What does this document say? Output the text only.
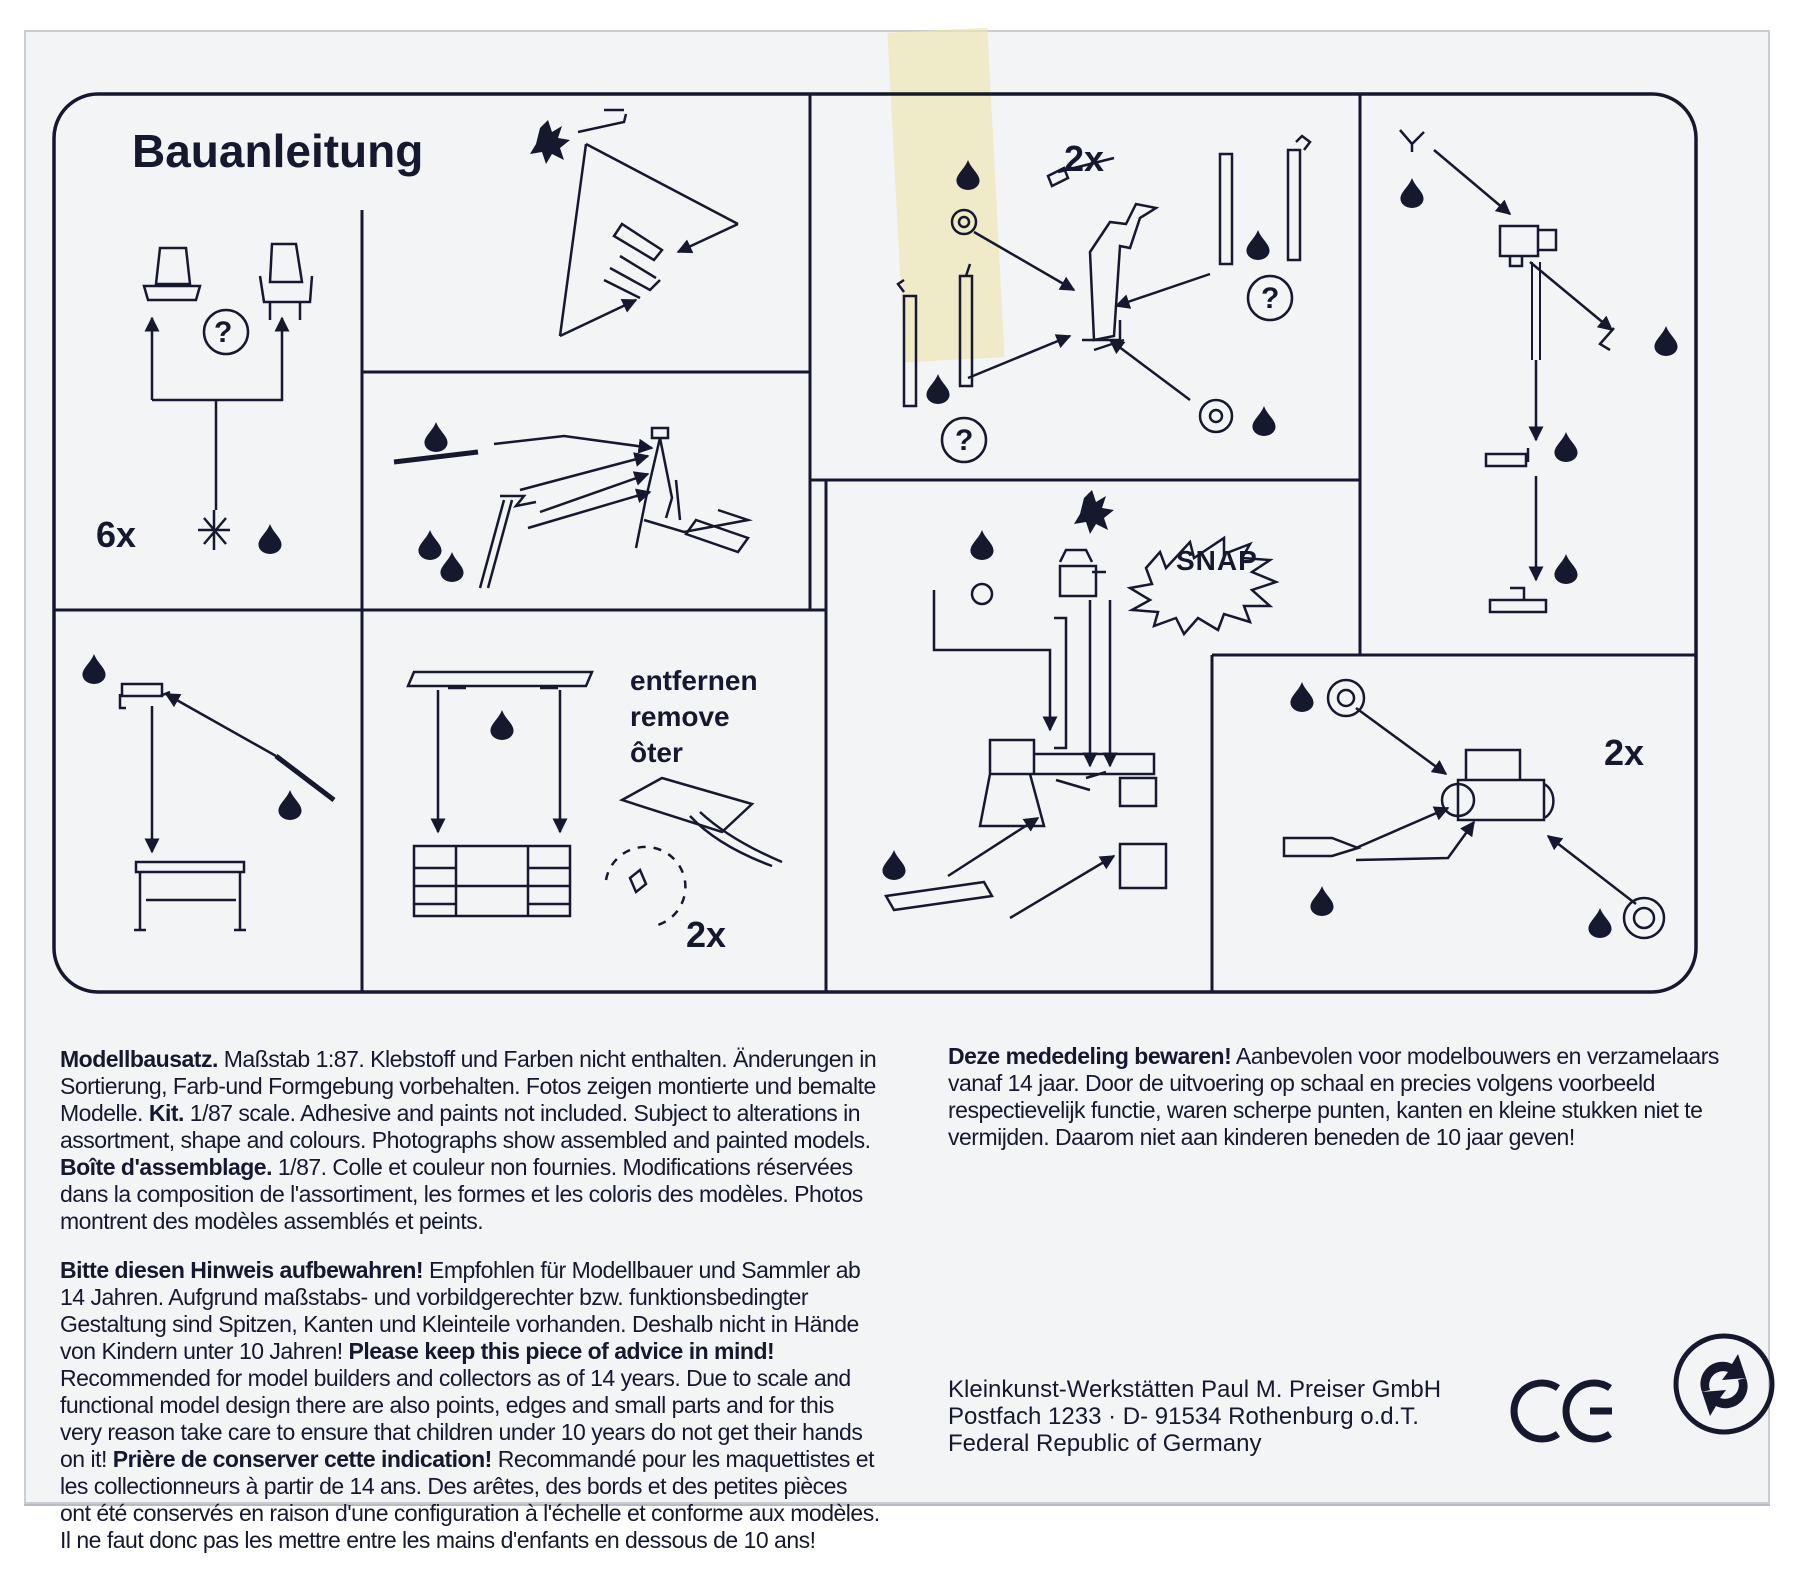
Bauanleitung
6x
2x
2x
2x
?
?
?
entfernen
remove
ôter
SNAP

Modellbausatz. Maßstab 1:87. Klebstoff und Farben nicht enthalten. Änderungen in Sortierung, Farb-und Formgebung vorbehalten. Fotos zeigen montierte und bemalte Modelle. Kit. 1/87 scale. Adhesive and paints not included. Subject to alterations in assortment, shape and colours. Photographs show assembled and painted models. Boîte d'assemblage. 1/87. Colle et couleur non fournies. Modifications réservées dans la composition de l'assortiment, les formes et les coloris des modèles. Photos montrent des modèles assemblés et peints.

Bitte diesen Hinweis aufbewahren! Empfohlen für Modellbauer und Sammler ab 14 Jahren. Aufgrund maßstabs- und vorbildgerechter bzw. funktionsbedingter Gestaltung sind Spitzen, Kanten und Kleinteile vorhanden. Deshalb nicht in Hände von Kindern unter 10 Jahren! Please keep this piece of advice in mind! Recommended for model builders and collectors as of 14 years. Due to scale and functional model design there are also points, edges and small parts and for this very reason take care to ensure that children under 10 years do not get their hands on it! Prière de conserver cette indication! Recommandé pour les maquettistes et les collectionneurs à partir de 14 ans. Des arêtes, des bords et des petites pièces ont été conservés en raison d'une configuration à l'échelle et conforme aux modèles. Il ne faut donc pas les mettre entre les mains d'enfants en dessous de 10 ans!

Deze mededeling bewaren! Aanbevolen voor modelbouwers en verzamelaars vanaf 14 jaar. Door de uitvoering op schaal en precies volgens voorbeeld respectievelijk functie, waren scherpe punten, kanten en kleine stukken niet te vermijden. Daarom niet aan kinderen beneden de 10 jaar geven!

Kleinkunst-Werkstätten Paul M. Preiser GmbH
Postfach 1233 · D- 91534 Rothenburg o.d.T.
Federal Republic of Germany
